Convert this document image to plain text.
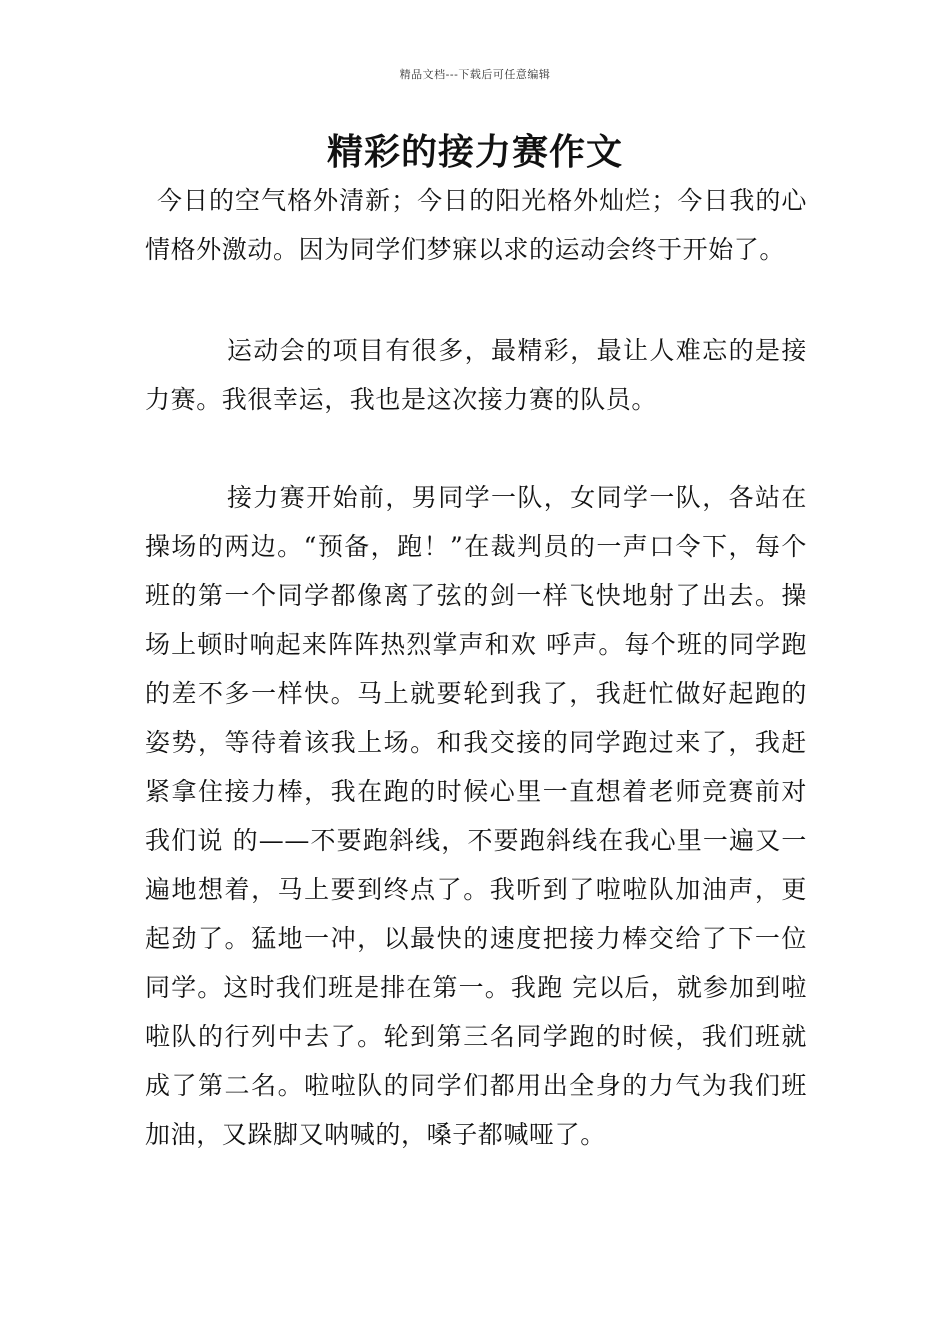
精品文档---下载后可任意编辑
精彩的接力赛作文

今日的空气格外清新；今日的阳光格外灿烂；今日我的心情格外激动。因为同学们梦寐以求的运动会终于开始了。

运动会的项目有很多，最精彩，最让人难忘的是接力赛。我很幸运，我也是这次接力赛的队员。

接力赛开始前，男同学一队，女同学一队，各站在操场的两边。“预备，跑！”在裁判员的一声口令下，每个班的第一个同学都像离了弦的剑一样飞快地射了出去。操场上顿时响起来阵阵热烈掌声和欢 呼声。每个班的同学跑的差不多一样快。马上就要轮到我了，我赶忙做好起跑的姿势，等待着该我上场。和我交接的同学跑过来了，我赶紧拿住接力棒，我在跑的时候心里一直想着老师竞赛前对我们说 的——不要跑斜线，不要跑斜线在我心里一遍又一遍地想着，马上要到终点了。我听到了啦啦队加油声，更起劲了。猛地一冲，以最快的速度把接力棒交给了下一位同学。这时我们班是排在第一。我跑 完以后，就参加到啦啦队的行列中去了。轮到第三名同学跑的时候，我们班就成了第二名。啦啦队的同学们都用出全身的力气为我们班加油，又跺脚又呐喊的，嗓子都喊哑了。
